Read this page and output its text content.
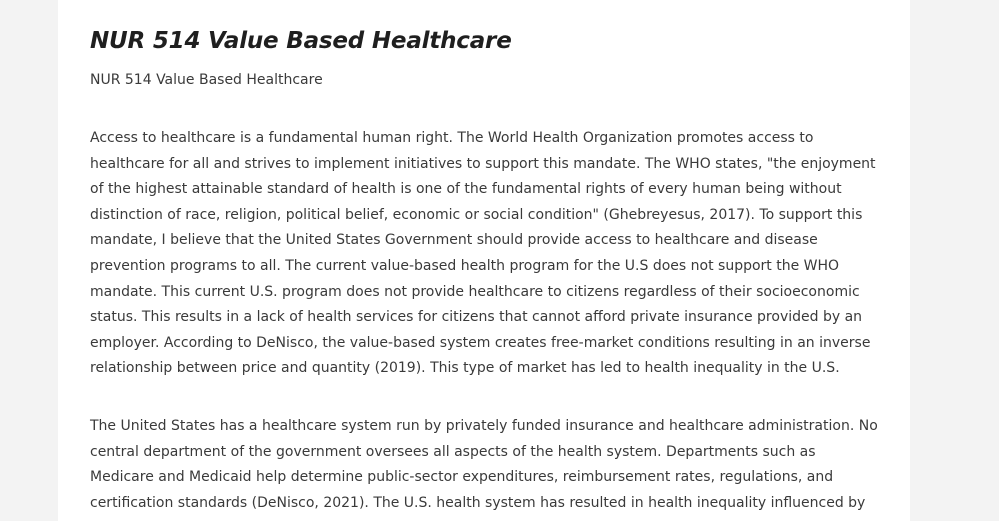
NUR 514 Value Based Healthcare

NUR 514 Value Based Healthcare

Access to healthcare is a fundamental human right. The World Health Organization promotes access to healthcare for all and strives to implement initiatives to support this mandate. The WHO states, "the enjoyment of the highest attainable standard of health is one of the fundamental rights of every human being without distinction of race, religion, political belief, economic or social condition" (Ghebreyesus, 2017). To support this mandate, I believe that the United States Government should provide access to healthcare and disease prevention programs to all. The current value-based health program for the U.S does not support the WHO mandate. This current U.S. program does not provide healthcare to citizens regardless of their socioeconomic status. This results in a lack of health services for citizens that cannot afford private insurance provided by an employer. According to DeNisco, the value-based system creates free-market conditions resulting in an inverse relationship between price and quantity (2019). This type of market has led to health inequality in the U.S.

The United States has a healthcare system run by privately funded insurance and healthcare administration. No central department of the government oversees all aspects of the health system. Departments such as Medicare and Medicaid help determine public-sector expenditures, reimbursement rates, regulations, and certification standards (DeNisco, 2021). The U.S. health system has resulted in health inequality influenced by
